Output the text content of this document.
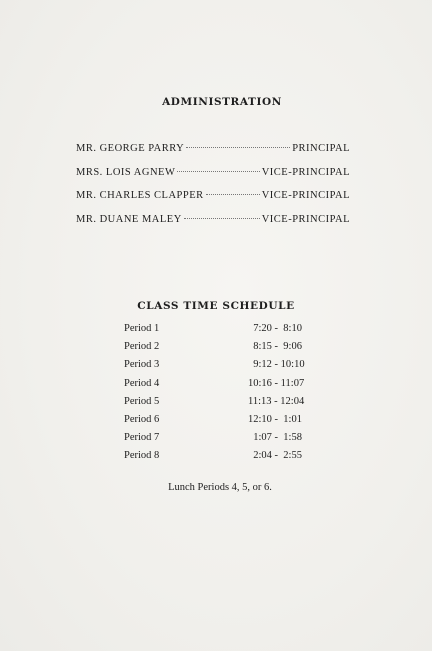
ADMINISTRATION
MR. GEORGE PARRY	PRINCIPAL
MRS. LOIS AGNEW	VICE-PRINCIPAL
MR. CHARLES CLAPPER	VICE-PRINCIPAL
MR. DUANE MALEY	VICE-PRINCIPAL
CLASS TIME SCHEDULE
Period 1	7:20 -  8:10
Period 2	8:15 -  9:06
Period 3	9:12 - 10:10
Period 4	10:16 - 11:07
Period 5	11:13 - 12:04
Period 6	12:10 -  1:01
Period 7	1:07 -  1:58
Period 8	2:04 -  2:55
Lunch Periods 4, 5, or 6.
